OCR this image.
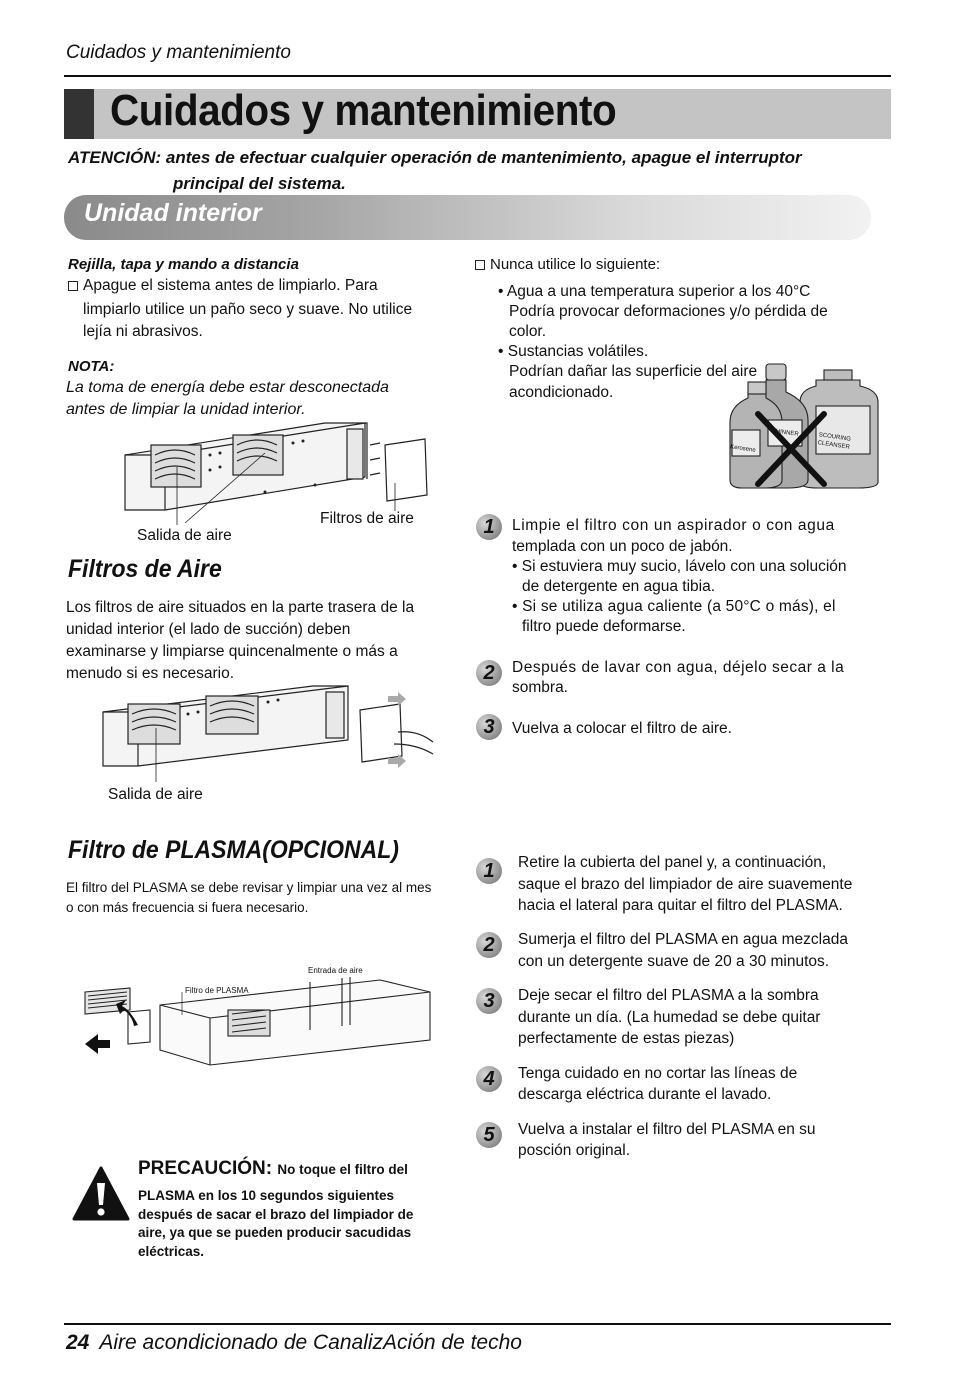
Cuidados y mantenimiento
Cuidados y mantenimiento
ATENCIÓN: antes de efectuar cualquier operación de mantenimiento, apague el interruptor
principal del sistema.
Unidad interior
Rejilla, tapa y mando a distancia
Apague el sistema antes de limpiarlo. Para
limpiarlo utilice un paño seco y suave. No utilice
lejía ni abrasivos.
NOTA:
La toma de energía debe estar desconectada
antes de limpiar la unidad interior.
Salida de aire
Filtros de aire
Filtros de Aire
Los filtros de aire situados en la parte trasera de la
unidad interior (el lado de succión) deben
examinarse y limpiarse quincenalmente o más a
menudo si es necesario.
Salida de aire
Filtro de PLASMA(OPCIONAL)
El filtro del PLASMA se debe revisar y limpiar una vez al mes
o con más frecuencia si fuera necesario.
Filtro de PLASMA
Entrada de aire
PRECAUCIÓN: No toque el filtro del
PLASMA en los 10 segundos siguientes
después de sacar el brazo del limpiador de
aire, ya que se pueden producir sacudidas
eléctricas.
Nunca utilice lo siguiente:
• Agua a una temperatura superior a los 40°C
Podría provocar deformaciones y/o pérdida de
color.
• Sustancias volátiles.
Podrían dañar las superficie del aire
acondicionado.
Kerosene
THINNER	SCOURING CLEANSER
1	Limpie el filtro con un aspirador o con agua
templada con un poco de jabón.
• Si estuviera muy sucio, lávelo con una solución
de detergente en agua tibia.
• Si se utiliza agua caliente (a 50°C o más), el
filtro puede deformarse.
2	Después de lavar con agua, déjelo secar a la
sombra.
3	Vuelva a colocar el filtro de aire.
1	Retire la cubierta del panel y, a continuación,
saque el brazo del limpiador de aire suavemente
hacia el lateral para quitar el filtro del PLASMA.
2	Sumerja el filtro del PLASMA en agua mezclada
con un detergente suave de 20 a 30 minutos.
3	Deje secar el filtro del PLASMA a la sombra
durante un día. (La humedad se debe quitar
perfectamente de estas piezas)
4	Tenga cuidado en no cortar las líneas de
descarga eléctrica durante el lavado.
5	Vuelva a instalar el filtro del PLASMA en su
posción original.
24 Aire acondicionado de CanalizAción de techo
